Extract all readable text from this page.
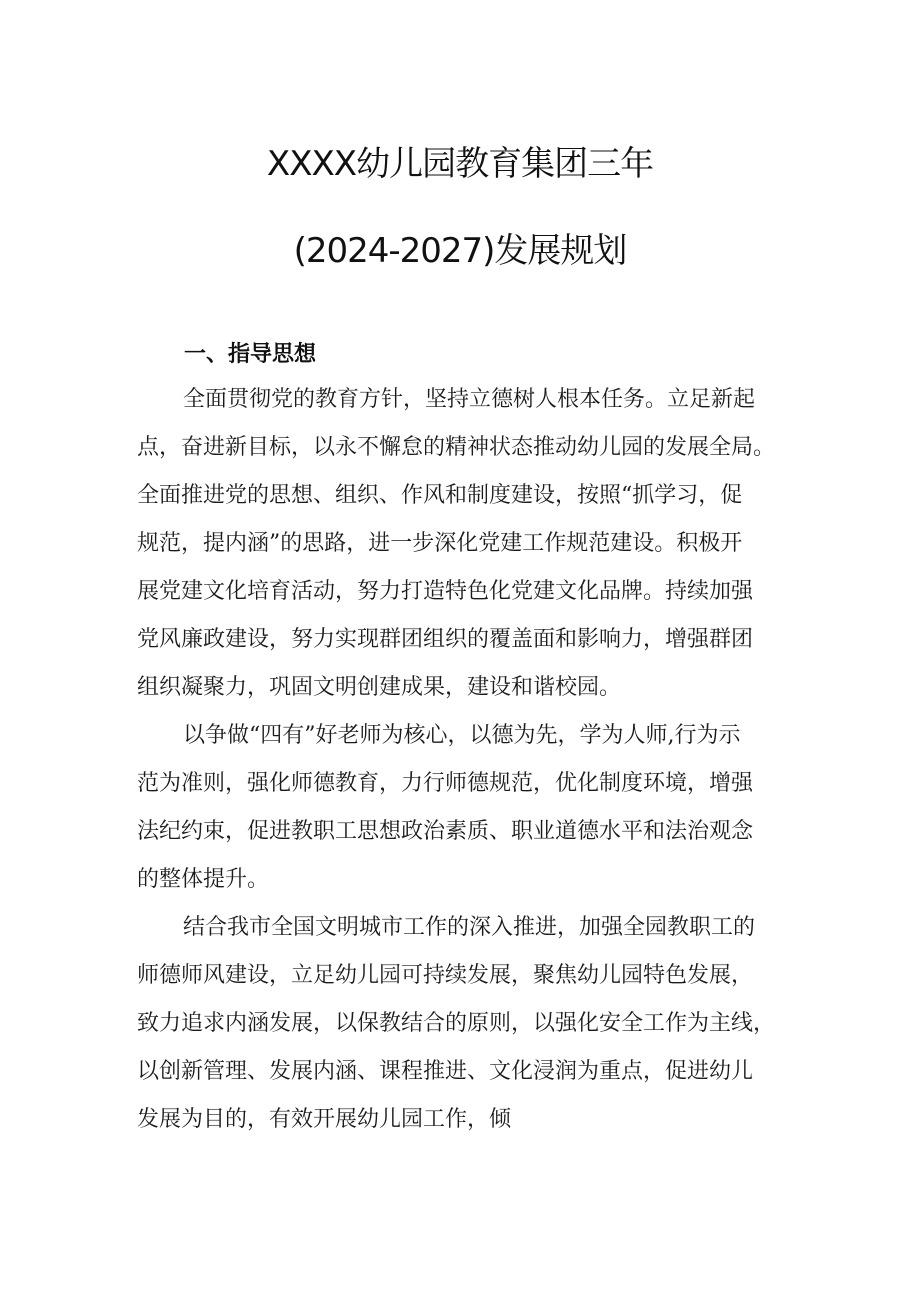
XXXX幼儿园教育集团三年
(2024-2027)发展规划
一、指导思想
全面贯彻党的教育方针，坚持立德树人根本任务。立足新起
点，奋进新目标，以永不懈怠的精神状态推动幼儿园的发展全局。
全面推进党的思想、组织、作风和制度建设，按照“抓学习，促
规范，提内涵”的思路，进一步深化党建工作规范建设。积极开
展党建文化培育活动，努力打造特色化党建文化品牌。持续加强
党风廉政建设，努力实现群团组织的覆盖面和影响力，增强群团
组织凝聚力，巩固文明创建成果，建设和谐校园。
以争做“四有”好老师为核心，以德为先，学为人师,行为示
范为准则，强化师德教育，力行师德规范，优化制度环境，增强
法纪约束，促进教职工思想政治素质、职业道德水平和法治观念
的整体提升。
结合我市全国文明城市工作的深入推进，加强全园教职工的
师德师风建设，立足幼儿园可持续发展，聚焦幼儿园特色发展，
致力追求内涵发展，以保教结合的原则，以强化安全工作为主线，
以创新管理、发展内涵、课程推进、文化浸润为重点，促进幼儿
发展为目的，有效开展幼儿园工作，倾
